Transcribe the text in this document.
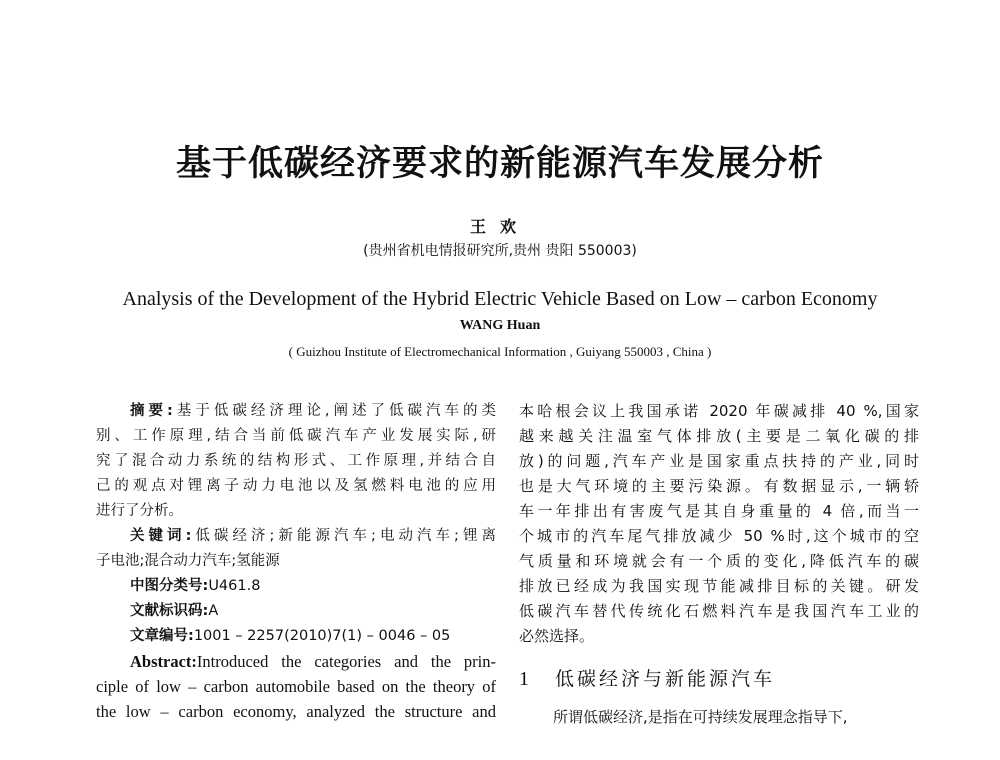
基于低碳经济要求的新能源汽车发展分析
王欢
(贵州省机电情报研究所,贵州 贵阳 550003)
Analysis of the Development of the Hybrid Electric Vehicle Based on Low – carbon Economy
WANG Huan
( Guizhou Institute of Electromechanical Information , Guiyang 550003 , China )
摘要:基于低碳经济理论,阐述了低碳汽车的类
别、工作原理,结合当前低碳汽车产业发展实际,研
究了混合动力系统的结构形式、工作原理,并结合自
己的观点对锂离子动力电池以及氢燃料电池的应用
进行了分析。
关键词:低碳经济;新能源汽车;电动汽车;锂离
子电池;混合动力汽车;氢能源
中图分类号:U461.8
文献标识码:A
文章编号:1001 – 2257(2010)7(1) – 0046 – 05
Abstract:Introduced the categories and the prin-
ciple of low – carbon automobile based on the theory of
the low – carbon economy, analyzed the structure and
本哈根会议上我国承诺 2020 年碳减排 40 %,国家
越来越关注温室气体排放(主要是二氧化碳的排
放)的问题,汽车产业是国家重点扶持的产业,同时
也是大气环境的主要污染源。有数据显示,一辆轿
车一年排出有害废气是其自身重量的 4 倍,而当一
个城市的汽车尾气排放减少 50 %时,这个城市的空
气质量和环境就会有一个质的变化,降低汽车的碳
排放已经成为我国实现节能减排目标的关键。研发
低碳汽车替代传统化石燃料汽车是我国汽车工业的
必然选择。
1 低碳经济与新能源汽车
所谓低碳经济,是指在可持续发展理念指导下,
